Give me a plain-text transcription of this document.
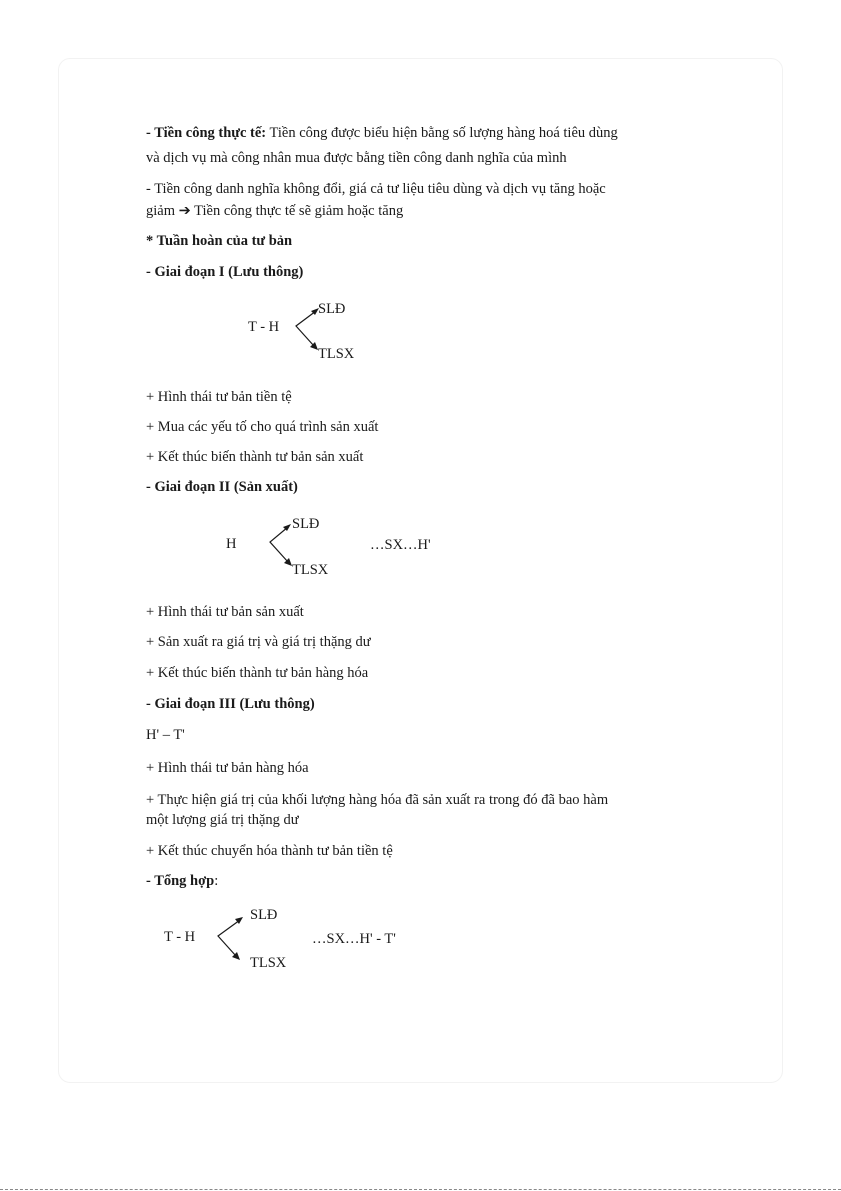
- Tiền công thực tế: Tiền công được biểu hiện bằng số lượng hàng hoá tiêu dùng

và dịch vụ mà công nhân mua được bằng tiền công danh nghĩa của mình

- Tiền công danh nghĩa không đổi, giá cả tư liệu tiêu dùng và dịch vụ tăng hoặc

giảm ➔ Tiền công thực tế sẽ giảm hoặc tăng

* Tuần hoàn của tư bản

- Giai đoạn I (Lưu thông)

T - H
SLĐ
TLSX

+ Hình thái tư bản tiền tệ

+ Mua các yếu tố cho quá trình sản xuất

+ Kết thúc biến thành tư bản sản xuất

- Giai đoạn II (Sản xuất)

H
SLĐ
TLSX
…SX…H'

+ Hình thái tư bản sản xuất

+ Sản xuất ra giá trị và giá trị thặng dư

+ Kết thúc biến thành tư bản hàng hóa

- Giai đoạn III (Lưu thông)

H' – T'

+ Hình thái tư bản hàng hóa

+ Thực hiện giá trị của khối lượng hàng hóa đã sản xuất ra trong đó đã bao hàm

một lượng giá trị thặng dư

+ Kết thúc chuyển hóa thành tư bản tiền tệ

- Tổng hợp:

T - H
SLĐ
TLSX
…SX…H' - T'
